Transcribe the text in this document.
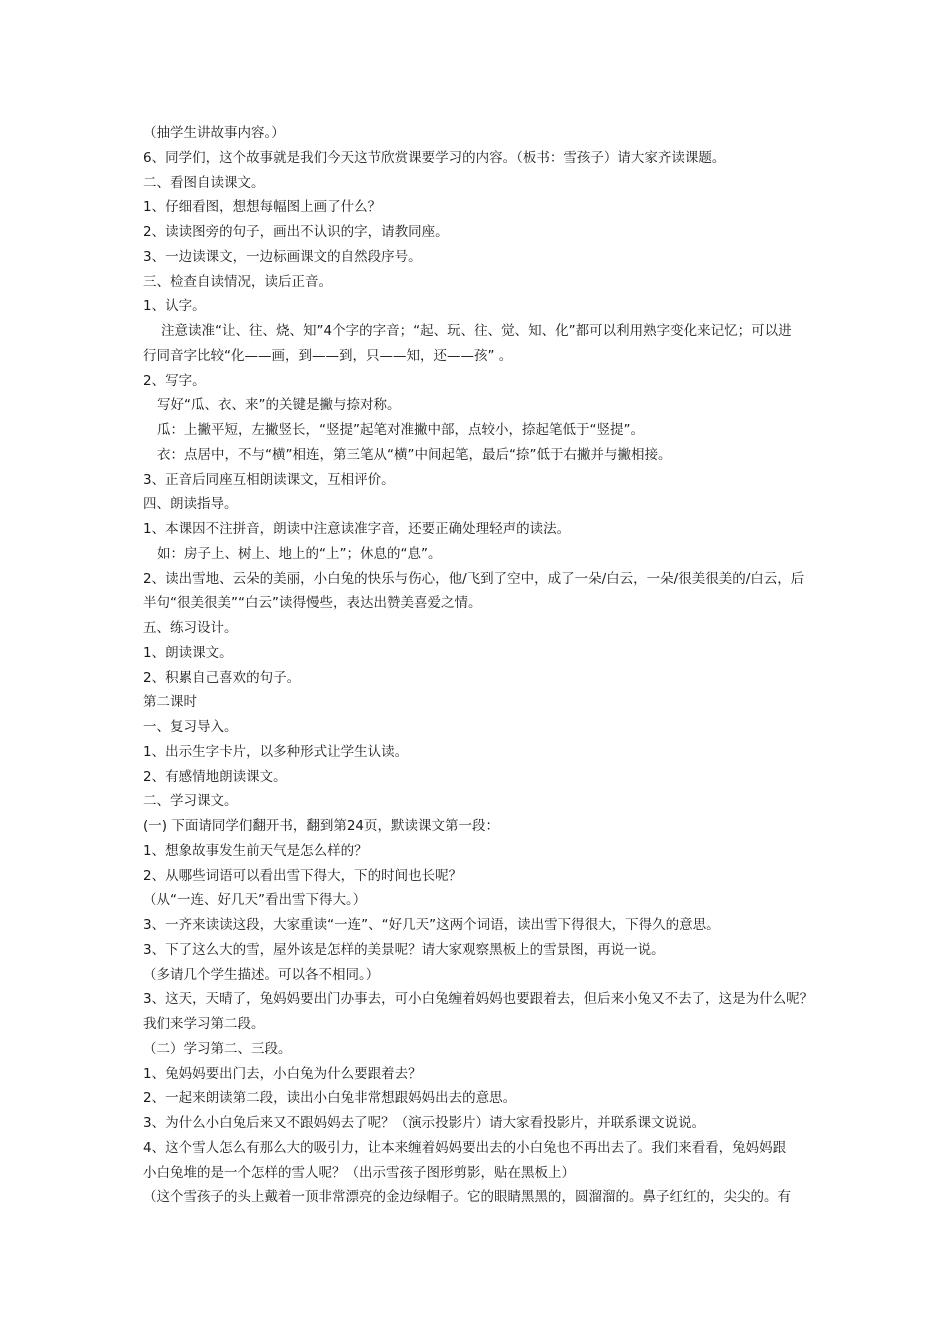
（抽学生讲故事内容。）
6、同学们，这个故事就是我们今天这节欣赏课要学习的内容。（板书：雪孩子）请大家齐读课题。
二、看图自读课文。
1、仔细看图，想想每幅图上画了什么？
2、读读图旁的句子，画出不认识的字，请教同座。
3、一边读课文，一边标画课文的自然段序号。
三、检查自读情况，读后正音。
1、认字。
注意读准“让、往、烧、知”4个字的字音；“起、玩、往、觉、知、化”都可以利用熟字变化来记忆；可以进
行同音字比较“化——画，到——到，只——知，还——孩” 。
2、写字。
写好“瓜、衣、来”的关键是撇与捺对称。
瓜：上撇平短，左撇竖长，“竖提”起笔对准撇中部，点较小，捺起笔低于“竖提”。
衣：点居中，不与“横”相连，第三笔从“横”中间起笔，最后“捺”低于右撇并与撇相接。
3、正音后同座互相朗读课文，互相评价。
四、朗读指导。
1、本课因不注拼音，朗读中注意读准字音，还要正确处理轻声的读法。
如：房子上、树上、地上的“上”；休息的“息”。
2、读出雪地、云朵的美丽，小白兔的快乐与伤心，他/飞到了空中，成了一朵/白云，一朵/很美很美的/白云，后
半句“很美很美”“白云”读得慢些，表达出赞美喜爱之情。
五、练习设计。
1、朗读课文。
2、积累自己喜欢的句子。
第二课时
一、复习导入。
1、出示生字卡片，以多种形式让学生认读。
2、有感情地朗读课文。
二、学习课文。
(一) 下面请同学们翻开书，翻到第24页，默读课文第一段：
1、想象故事发生前天气是怎么样的？
2、从哪些词语可以看出雪下得大，下的时间也长呢？
（从“一连、好几天”看出雪下得大。）
3、一齐来读读这段，大家重读“一连”、“好几天”这两个词语，读出雪下得很大，下得久的意思。
3、下了这么大的雪，屋外该是怎样的美景呢？请大家观察黑板上的雪景图，再说一说。
（多请几个学生描述。可以各不相同。）
3、这天，天晴了，兔妈妈要出门办事去，可小白兔缠着妈妈也要跟着去，但后来小兔又不去了，这是为什么呢？
我们来学习第二段。
（二）学习第二、三段。
1、兔妈妈要出门去，小白兔为什么要跟着去？
2、一起来朗读第二段，读出小白兔非常想跟妈妈出去的意思。
3、为什么小白兔后来又不跟妈妈去了呢？（演示投影片）请大家看投影片，并联系课文说说。
4、这个雪人怎么有那么大的吸引力，让本来缠着妈妈要出去的小白兔也不再出去了。我们来看看，兔妈妈跟
小白兔堆的是一个怎样的雪人呢？（出示雪孩子图形剪影，贴在黑板上）
（这个雪孩子的头上戴着一顶非常漂亮的金边绿帽子。它的眼睛黑黑的，圆溜溜的。鼻子红红的，尖尖的。有
